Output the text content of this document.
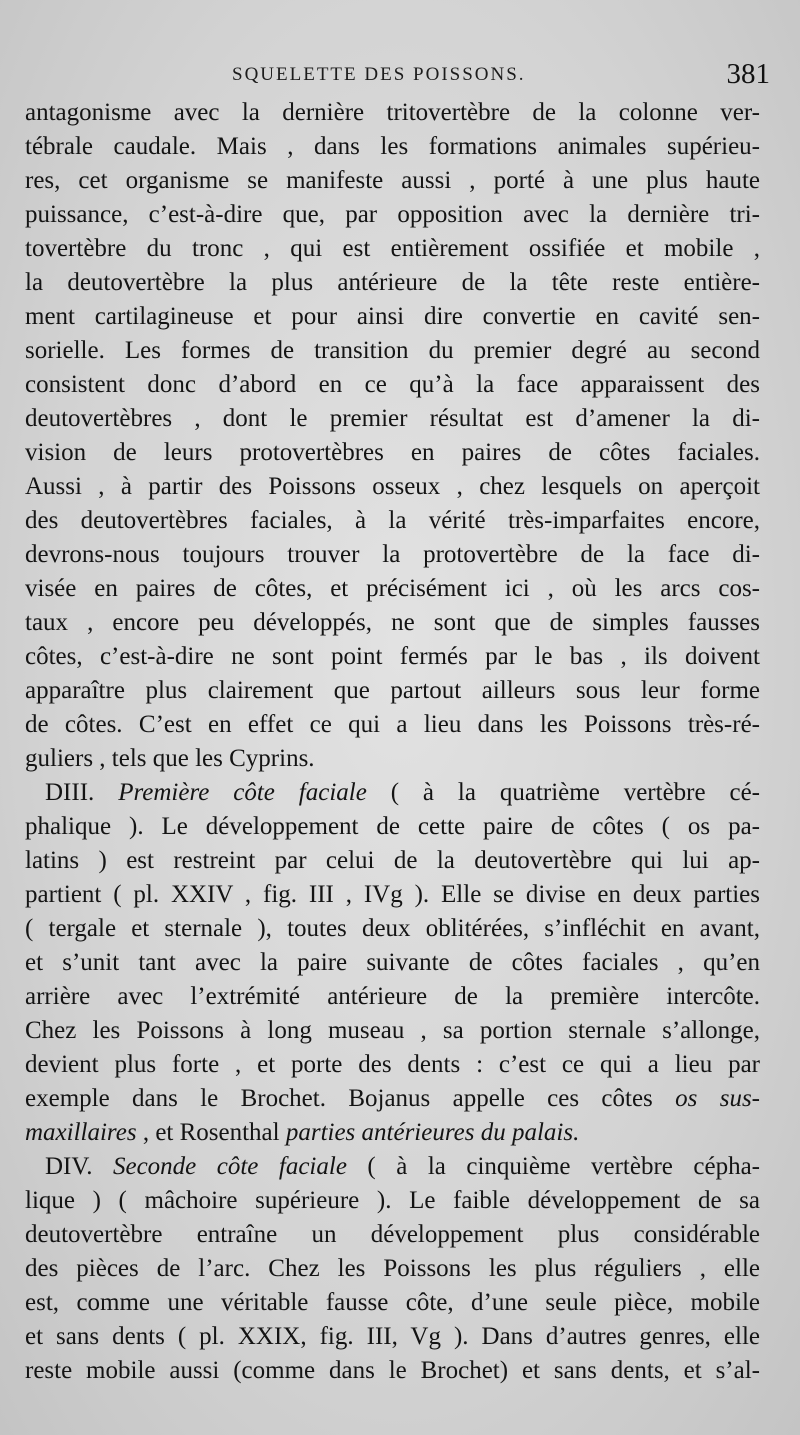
SQUELETTE DES POISSONS.	381
antagonisme avec la dernière tritovertèbre de la colonne ver-
tébrale caudale. Mais , dans les formations animales supérieu-
res, cet organisme se manifeste aussi , porté à une plus haute
puissance, c’est-à-dire que, par opposition avec la dernière tri-
tovertèbre du tronc , qui est entièrement ossifiée et mobile ,
la deutovertèbre la plus antérieure de la tête reste entière-
ment cartilagineuse et pour ainsi dire convertie en cavité sen-
sorielle. Les formes de transition du premier degré au second
consistent donc d’abord en ce qu’à la face apparaissent des
deutovertèbres , dont le premier résultat est d’amener la di-
vision de leurs protovertèbres en paires de côtes faciales.
Aussi , à partir des Poissons osseux , chez lesquels on aperçoit
des deutovertèbres faciales, à la vérité très-imparfaites encore,
devrons-nous toujours trouver la protovertèbre de la face di-
visée en paires de côtes, et précisément ici , où les arcs cos-
taux , encore peu développés, ne sont que de simples fausses
côtes, c’est-à-dire ne sont point fermés par le bas , ils doivent
apparaître plus clairement que partout ailleurs sous leur forme
de côtes. C’est en effet ce qui a lieu dans les Poissons très-ré-
guliers , tels que les Cyprins.
DIII. Première côte faciale ( à la quatrième vertèbre cé-
phalique ). Le développement de cette paire de côtes ( os pa-
latins ) est restreint par celui de la deutovertèbre qui lui ap-
partient ( pl. XXIV , fig. III , IVg ). Elle se divise en deux parties
( tergale et sternale ), toutes deux oblitérées, s’infléchit en avant,
et s’unit tant avec la paire suivante de côtes faciales , qu’en
arrière avec l’extrémité antérieure de la première intercôte.
Chez les Poissons à long museau , sa portion sternale s’allonge,
devient plus forte , et porte des dents : c’est ce qui a lieu par
exemple dans le Brochet. Bojanus appelle ces côtes os sus-
maxillaires , et Rosenthal parties antérieures du palais.
DIV. Seconde côte faciale ( à la cinquième vertèbre cépha-
lique ) ( mâchoire supérieure ). Le faible développement de sa
deutovertèbre entraîne un développement plus considérable
des pièces de l’arc. Chez les Poissons les plus réguliers , elle
est, comme une véritable fausse côte, d’une seule pièce, mobile
et sans dents ( pl. XXIX, fig. III, Vg ). Dans d’autres genres, elle
reste mobile aussi (comme dans le Brochet) et sans dents, et s’al-
